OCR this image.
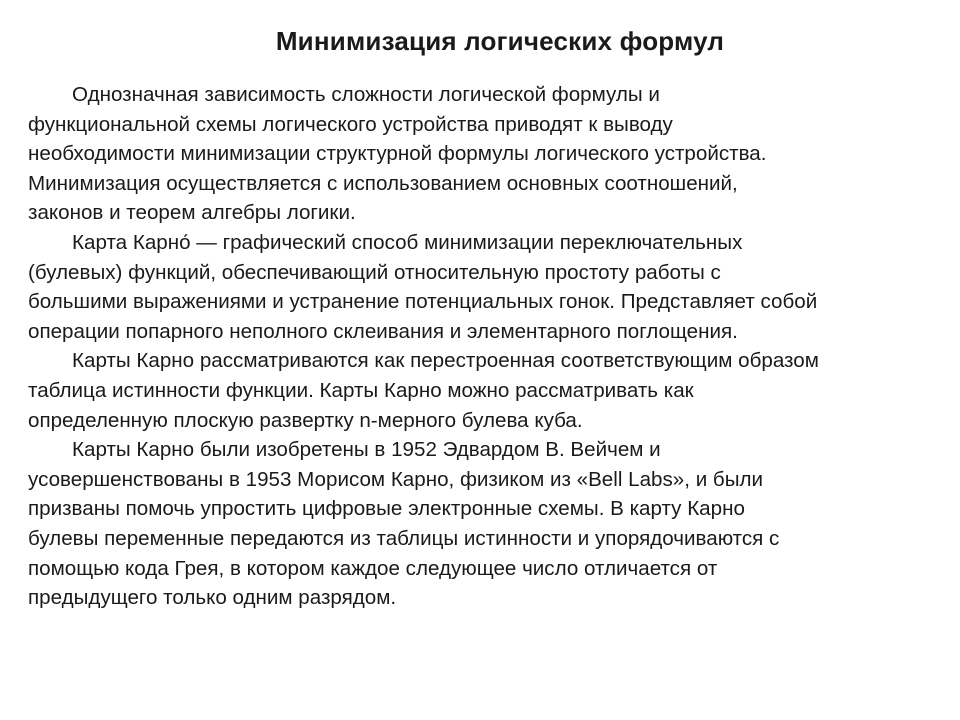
Минимизация логических формул
Однозначная зависимость сложности логической формулы и
функциональной схемы логического устройства приводят к выводу
необходимости минимизации структурной формулы логического устройства.
Минимизация осуществляется с использованием основных соотношений,
законов и теорем алгебры логики.
Карта Карно́ — графический способ минимизации переключательных
(булевых) функций, обеспечивающий относительную простоту работы с
большими выражениями и устранение потенциальных гонок. Представляет собой
операции попарного неполного склеивания и элементарного поглощения.
Карты Карно рассматриваются как перестроенная соответствующим образом
таблица истинности функции. Карты Карно можно рассматривать как
определенную плоскую развертку n-мерного булева куба.
Карты Карно были изобретены в 1952 Эдвардом В. Вейчем и
усовершенствованы в 1953 Морисом Карно, физиком из «Bell Labs», и были
призваны помочь упростить цифровые электронные схемы. В карту Карно
булевы переменные передаются из таблицы истинности и упорядочиваются с
помощью кода Грея, в котором каждое следующее число отличается от
предыдущего только одним разрядом.
